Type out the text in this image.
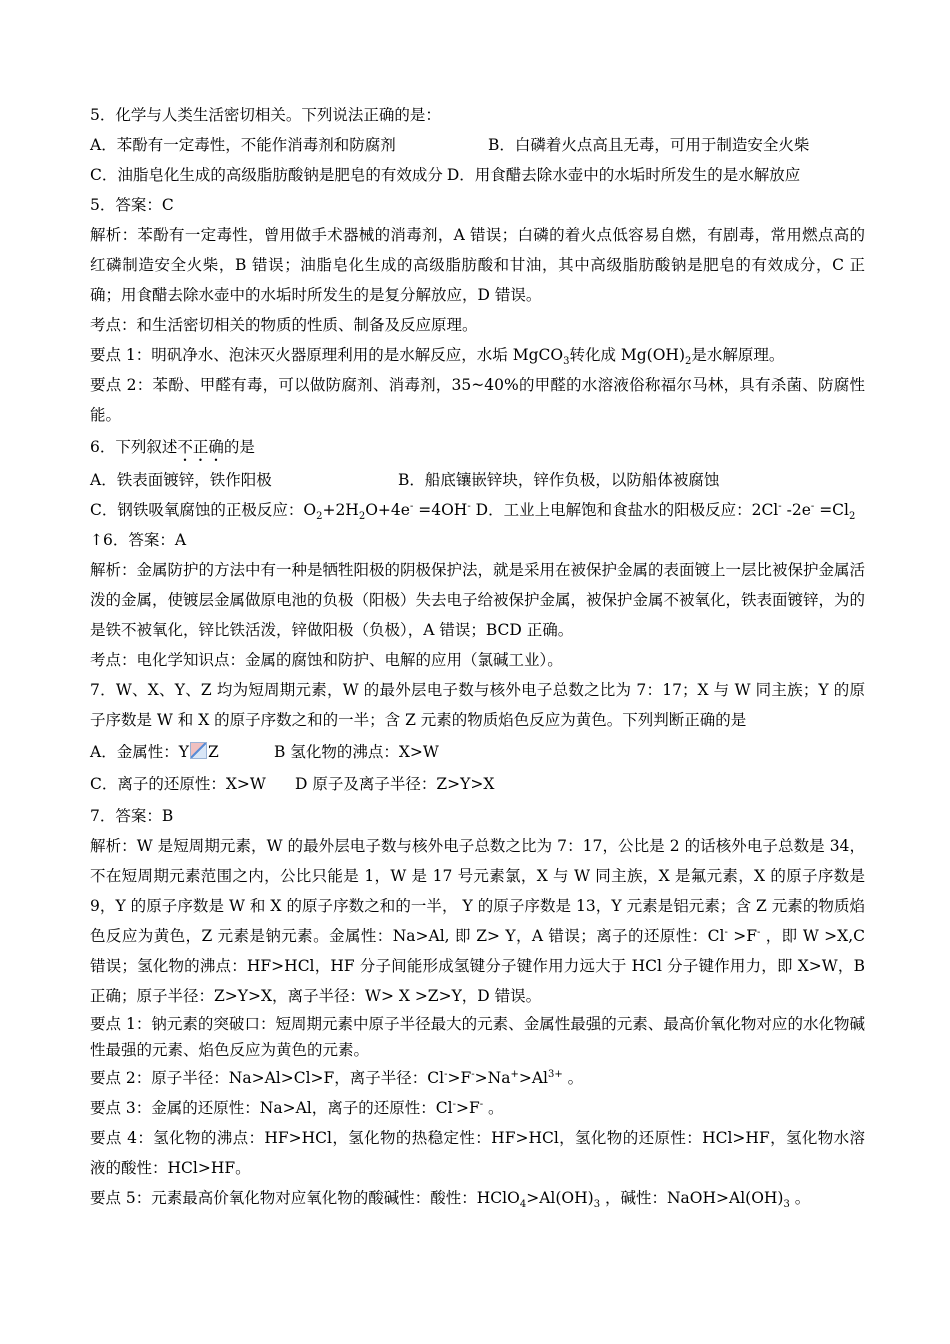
5．化学与人类生活密切相关。下列说法正确的是：
A．苯酚有一定毒性，不能作消毒剂和防腐剂	B．白磷着火点高且无毒，可用于制造安全火柴
C．油脂皂化生成的高级脂肪酸钠是肥皂的有效成分 D．用食醋去除水壶中的水垢时所发生的是水解放应
5．答案：C
解析：苯酚有一定毒性，曾用做手术器械的消毒剂，A 错误；白磷的着火点低容易自燃，有剧毒，常用燃点高的红磷制造安全火柴，B 错误；油脂皂化生成的高级脂肪酸和甘油，其中高级脂肪酸钠是肥皂的有效成分，C 正确；用食醋去除水壶中的水垢时所发生的是复分解放应，D 错误。
考点：和生活密切相关的物质的性质、制备及反应原理。
要点 1：明矾净水、泡沫灭火器原理利用的是水解反应，水垢 MgCO$_3$转化成 $Mg(OH)_2$是水解原理。
要点 2：苯酚、甲醛有毒，可以做防腐剂、消毒剂，35~40%的甲醛的水溶液俗称福尔马林，具有杀菌、防腐性能。
6．下列叙述不正确的是
A．铁表面镀锌，铁作阳极	B．船底镶嵌锌块，锌作负极，以防船体被腐蚀
C．钢铁吸氧腐蚀的正极反应：$O_2+2H_2O+4e^- =4OH^-$ D．工业上电解饱和食盐水的阳极反应：2Cl- $-2e^- =Cl_2$
↑6．答案：A
解析：金属防护的方法中有一种是牺牲阳极的阴极保护法，就是采用在被保护金属的表面镀上一层比被保护金属活泼的金属，使镀层金属做原电池的负极（阳极）失去电子给被保护金属，被保护金属不被氧化，铁表面镀锌，为的是铁不被氧化，锌比铁活泼，锌做阳极（负极），A 错误；BCD 正确。
考点：电化学知识点：金属的腐蚀和防护、电解的应用（氯碱工业）。
7．W、X、Y、Z 均为短周期元素，W 的最外层电子数与核外电子总数之比为 7：17；X 与 W 同主族；Y 的原子序数是 W 和 X 的原子序数之和的一半；含 Z 元素的物质焰色反应为黄色。下列判断正确的是
A．金属性：Y Z	B 氢化物的沸点：X>W
C．离子的还原性：X>W	D 原子及离子半径：Z>Y>X
7．答案：B
解析：W 是短周期元素，W 的最外层电子数与核外电子总数之比为 7：17，公比是 2 的话核外电子总数是 34，不在短周期元素范围之内，公比只能是 1，W 是 17 号元素氯，X 与 W 同主族，X 是氟元素，X 的原子序数是 9，Y 的原子序数是 W 和 X 的原子序数之和的一半， Y 的原子序数是 13，Y 元素是铝元素；含 Z 元素的物质焰色反应为黄色，Z 元素是钠元素。金属性：Na>Al, 即 Z> Y，A 错误；离子的还原性：Cl- >F- ，即 W >X,C 错误；氢化物的沸点：HF>HCl，HF 分子间能形成氢键分子键作用力远大于 HCl 分子键作用力，即 X>W，B 正确；原子半径：Z>Y>X，离子半径：W> X >Z>Y，D 错误。
要点 1：钠元素的突破口：短周期元素中原子半径最大的元素、金属性最强的元素、最高价氧化物对应的水化物碱性最强的元素、焰色反应为黄色的元素。
要点 2：原子半径：Na>Al>Cl>F，离子半径：$Cl^->F^->Na^+>Al^{3+}$ 。
要点 3：金属的还原性：Na>Al，离子的还原性：Cl->F- 。
要点 4：氢化物的沸点：HF>HCl，氢化物的热稳定性：HF>HCl，氢化物的还原性：HCl>HF，氢化物水溶液的酸性：HCl>HF。
要点 5：元素最高价氧化物对应氧化物的酸碱性：酸性：$HClO_4>Al(OH)_3$ ，碱性：$NaOH>Al(OH)_3$ 。
